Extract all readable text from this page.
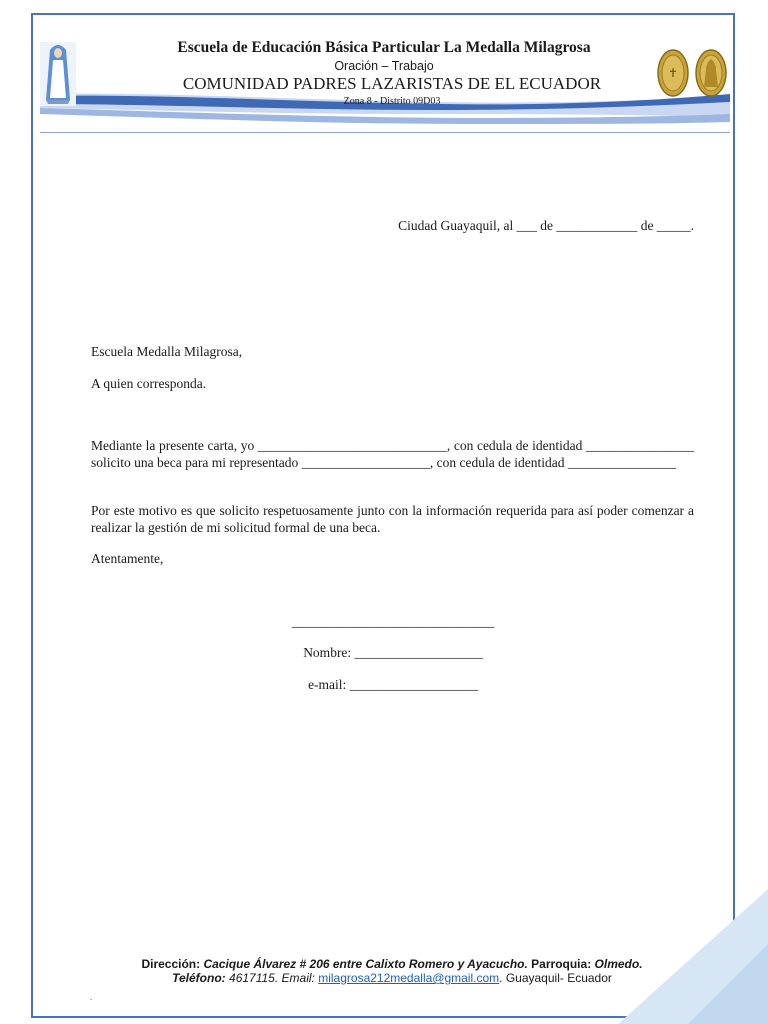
✝
Escuela de Educación Básica Particular La Medalla Milagrosa
Oración – Trabajo
COMUNIDAD PADRES LAZARISTAS DE EL ECUADOR
Zona 8 - Distrito 09D03
Ciudad Guayaquil, al ___ de ____________ de _____.
Escuela Medalla Milagrosa,
A quien corresponda.
Mediante la presente carta, yo ____________________________, con cedula de identidad ________________ solicito una beca para mi representado ___________________, con cedula de identidad ________________
Por este motivo es que solicito respetuosamente junto con la información requerida para así poder comenzar a realizar la gestión de mi solicitud formal de una beca.
Atentamente,
______________________________
Nombre: ___________________
e-mail: ___________________
Dirección: Cacique Álvarez # 206 entre Calixto Romero y Ayacucho. Parroquia: Olmedo.
Teléfono: 4617115. Email: milagrosa212medalla@gmail.com. Guayaquil- Ecuador
.
